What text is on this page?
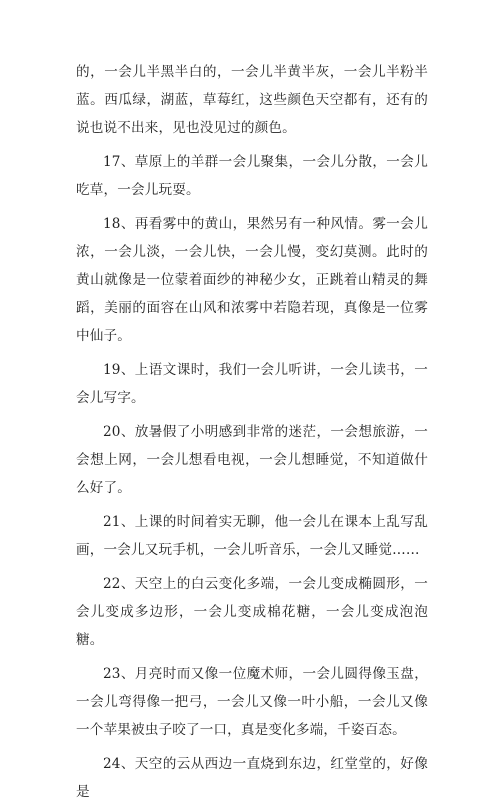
的，一会儿半黑半白的，一会儿半黄半灰，一会儿半粉半蓝。西瓜绿，湖蓝，草莓红，这些颜色天空都有，还有的说也说不出来，见也没见过的颜色。

17、草原上的羊群一会儿聚集，一会儿分散，一会儿吃草，一会儿玩耍。

18、再看雾中的黄山，果然另有一种风情。雾一会儿浓，一会儿淡，一会儿快，一会儿慢，变幻莫测。此时的黄山就像是一位蒙着面纱的神秘少女，正跳着山精灵的舞蹈，美丽的面容在山风和浓雾中若隐若现，真像是一位雾中仙子。

19、上语文课时，我们一会儿听讲，一会儿读书，一会儿写字。

20、放暑假了小明感到非常的迷茫，一会想旅游，一会想上网，一会儿想看电视，一会儿想睡觉，不知道做什么好了。

21、上课的时间着实无聊，他一会儿在课本上乱写乱画，一会儿又玩手机，一会儿听音乐，一会儿又睡觉……

22、天空上的白云变化多端，一会儿变成椭圆形，一会儿变成多边形，一会儿变成棉花糖，一会儿变成泡泡糖。

23、月亮时而又像一位魔术师，一会儿圆得像玉盘，一会儿弯得像一把弓，一会儿又像一叶小船，一会儿又像一个苹果被虫子咬了一口，真是变化多端，千姿百态。

24、天空的云从西边一直烧到东边，红堂堂的，好像是
